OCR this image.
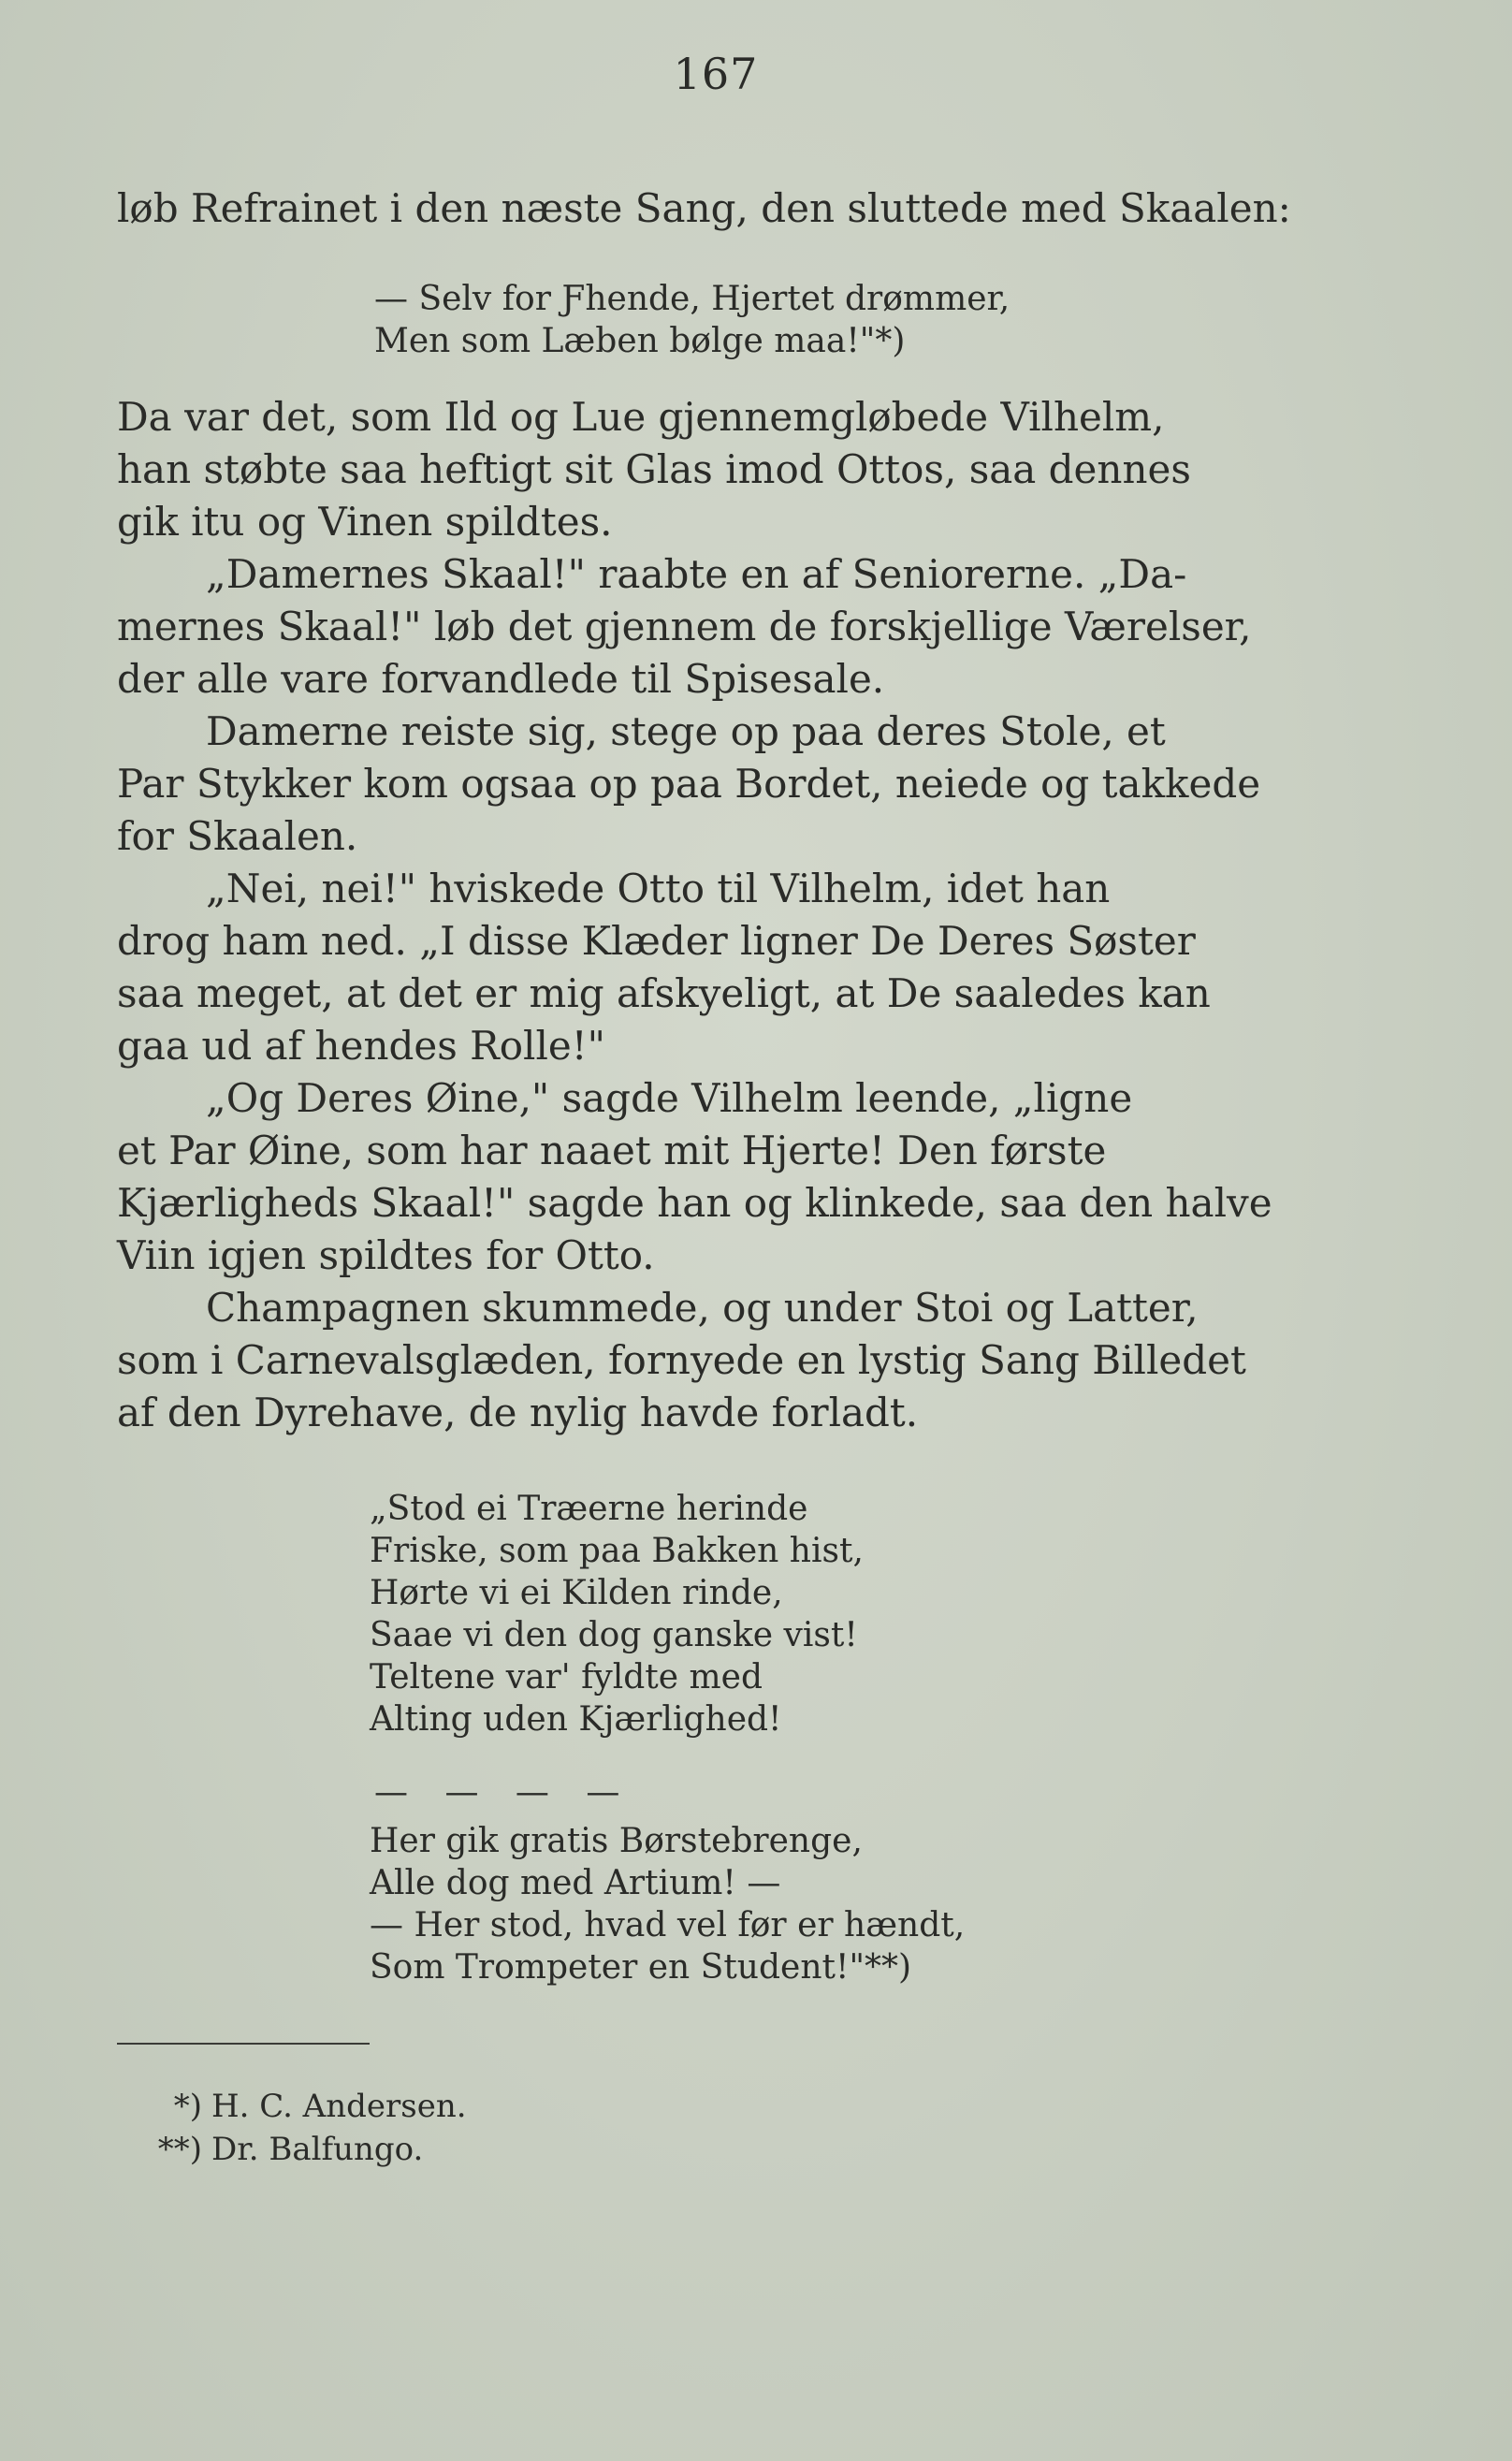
167

løb Refrainet i den næste Sang, den sluttede med Skaalen:

— Selv for Ƒhende, Hjertet drømmer,
Men som Læben bølge maa!"*)

Da var det, som Ild og Lue gjennemgløbede Vilhelm,
han støbte saa heftigt sit Glas imod Ottos, saa dennes
gik itu og Vinen spildtes.

„Damernes Skaal!" raabte en af Seniorerne. „Da-
mernes Skaal!" løb det gjennem de forskjellige Værelser,
der alle vare forvandlede til Spisesale.

Damerne reiste sig, stege op paa deres Stole, et
Par Stykker kom ogsaa op paa Bordet, neiede og takkede
for Skaalen.

„Nei, nei!" hviskede Otto til Vilhelm, idet han
drog ham ned. „I disse Klæder ligner De Deres Søster
saa meget, at det er mig afskyeligt, at De saaledes kan
gaa ud af hendes Rolle!"

„Og Deres Øine," sagde Vilhelm leende, „ligne
et Par Øine, som har naaet mit Hjerte! Den første
Kjærligheds Skaal!" sagde han og klinkede, saa den halve
Viin igjen spildtes for Otto.

Champagnen skummede, og under Stoi og Latter,
som i Carnevalsglæden, fornyede en lystig Sang Billedet
af den Dyrehave, de nylig havde forladt.

„Stod ei Træerne herinde
Friske, som paa Bakken hist,
Hørte vi ei Kilden rinde,
Saae vi den dog ganske vist!
Teltene var' fyldte med
Alting uden Kjærlighed!
— — — —
Her gik gratis Børstebrenge,
Alle dog med Artium! —
— Her stod, hvad vel før er hændt,
Som Trompeter en Student!"**)
*) H. C. Andersen.
**) Dr. Balfungo.
